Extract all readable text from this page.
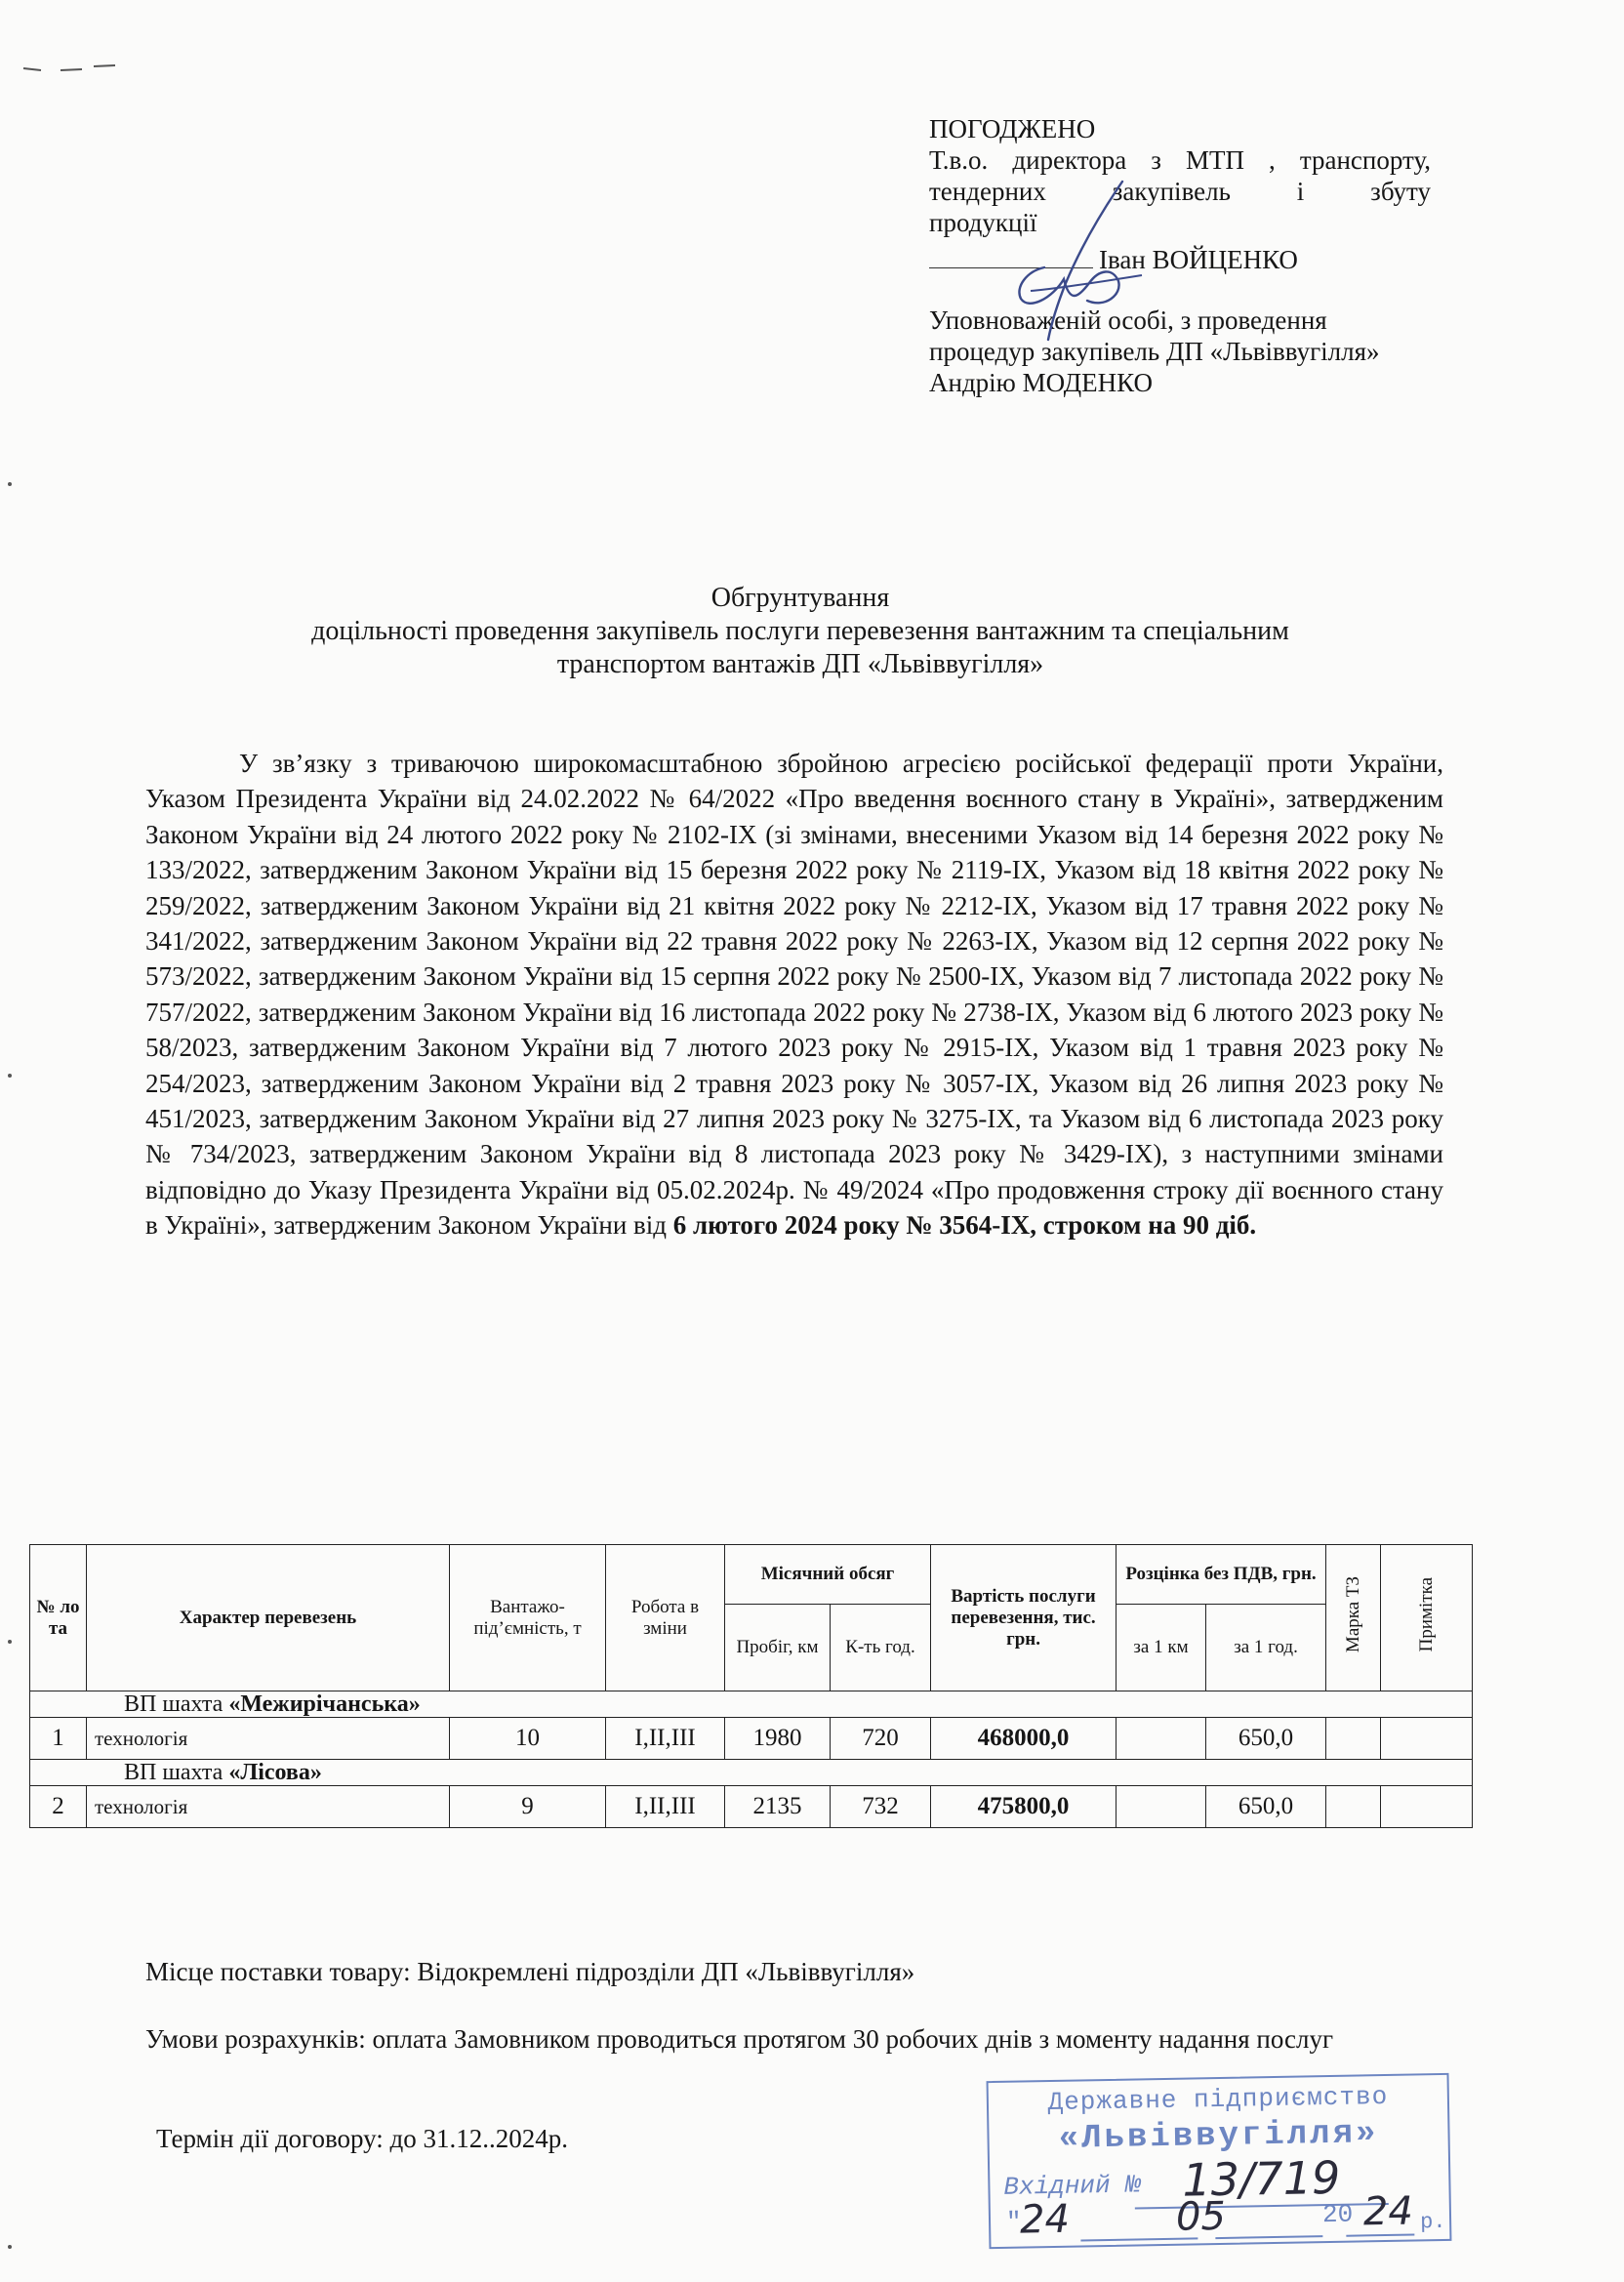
ПОГОДЖЕНО
Т.в.о. директора з МТП , транспорту,
тендерних закупівель і збуту
продукції
Іван ВОЙЦЕНКО
Уповноваженій особі, з проведення
процедур закупівель ДП «Львіввугілля»
Андрію МОДЕНКО
Обгрунтування
доцільності проведення закупівель послуги перевезення вантажним та спеціальним
транспортом вантажів ДП «Львіввугілля»

У зв’язку з триваючою широкомасштабною збройною агресією російської федерації проти України, Указом Президента України від 24.02.2022 № 64/2022 «Про введення воєнного стану в Україні», затвердженим Законом України від 24 лютого 2022 року № 2102-IX (зі змінами, внесеними Указом від 14 березня 2022 року № 133/2022, затвердженим Законом України від 15 березня 2022 року № 2119-IX, Указом від 18 квітня 2022 року № 259/2022, затвердженим Законом України від 21 квітня 2022 року № 2212-IX, Указом від 17 травня 2022 року № 341/2022, затвердженим Законом України від 22 травня 2022 року № 2263-IX, Указом від 12 серпня 2022 року № 573/2022, затвердженим Законом України від 15 серпня 2022 року № 2500-IX, Указом від 7 листопада 2022 року № 757/2022, затвердженим Законом України від 16 листопада 2022 року № 2738-IX, Указом від 6 лютого 2023 року № 58/2023, затвердженим Законом України від 7 лютого 2023 року № 2915-IX, Указом від 1 травня 2023 року № 254/2023, затвердженим Законом України від 2 травня 2023 року № 3057-IX, Указом від 26 липня 2023 року № 451/2023, затвердженим Законом України від 27 липня 2023 року № 3275-IX, та Указом від 6 листопада 2023 року № 734/2023, затвердженим Законом України від 8 листопада 2023 року № 3429-IX), з наступними змінами відповідно до Указу Президента України від 05.02.2024р. № 49/2024 «Про продовження строку дії воєнного стану в Україні», затвердженим Законом України від 6 лютого 2024 року № 3564-IX, строком на 90 діб.

№ ло та	Характер перевезень	Вантажо-під’ємність, т	Робота в зміни	Місячний обсяг		Вартість послуги перевезення, тис. грн.	Розцінка без ПДВ, грн.		Марка ТЗ	Примітка
				Пробіг, км	К-ть год.		за 1 км	за 1 год.		
ВП шахта «Межирічанська»										
1	технологія	10	I,II,III	1980	720	468000,0		650,0		
ВП шахта «Лісова»										
2	технологія	9	I,II,III	2135	732	475800,0		650,0		
Місце поставки товару: Відокремлені підрозділи ДП «Львіввугілля»
Умови розрахунків: оплата Замовником проводиться протягом 30 робочих днів з моменту надання послуг
Термін дії договору: до 31.12..2024р.
Державне підприємство
«Львіввугілля»
Вхідний № 13/719
"
24	05	20 24 р.
